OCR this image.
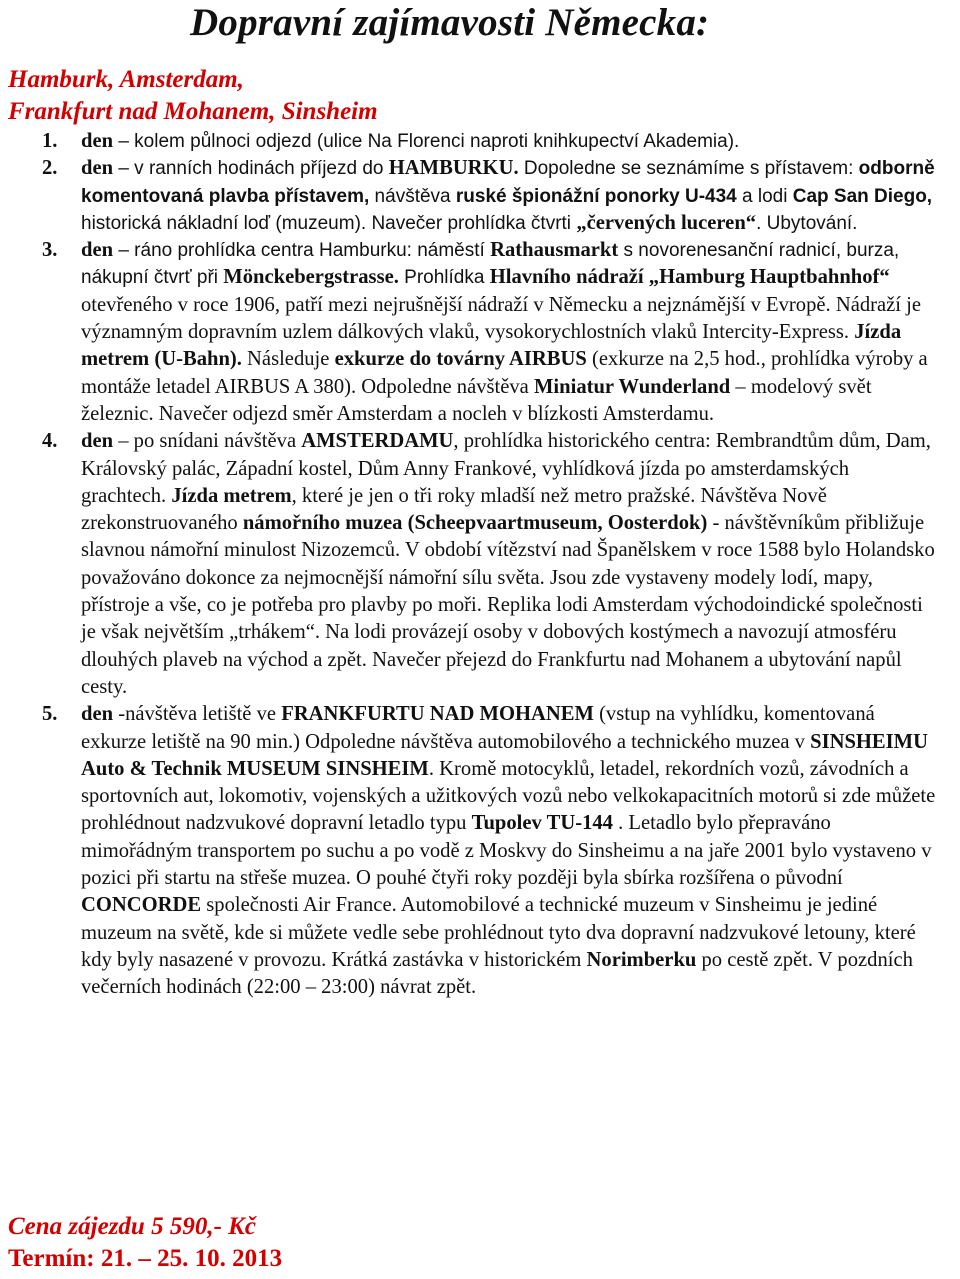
Dopravní zajímavosti Německa:
Hamburk, Amsterdam,
Frankfurt nad Mohanem, Sinsheim
1. den – kolem půlnoci odjezd (ulice Na Florenci naproti knihkupectví Akademia).
2. den – v ranních hodinách příjezd do HAMBURKU. Dopoledne se seznámíme s přístavem: odborně komentovaná plavba přístavem, návštěva ruské špionážní ponorky U-434 a lodi Cap San Diego, historická nákladní loď (muzeum). Navečer prohlídka čtvrti „červených luceren“. Ubytování.
3. den – ráno prohlídka centra Hamburku: náměstí Rathausmarkt s novorenesanční radnicí, burza, nákupní čtvrť při Mönckebergstrasse. Prohlídka Hlavního nádraží „Hamburg Hauptbahnhof“ otevřeného v roce 1906, patří mezi nejrušnější nádraží v Německu a nejznámější v Evropě. Nádraží je významným dopravním uzlem dálkových vlaků, vysokorychlostních vlaků Intercity-Express. Jízda metrem (U-Bahn). Následuje exkurze do továrny AIRBUS (exkurze na 2,5 hod., prohlídka výroby a montáže letadel AIRBUS A 380). Odpoledne návštěva Miniatur Wunderland – modelový svět železnic. Navečer odjezd směr Amsterdam a nocleh v blízkosti Amsterdamu.
4. den – po snídani návštěva AMSTERDAMU, prohlídka historického centra: Rembrandtům dům, Dam, Královský palác, Západní kostel, Dům Anny Frankové, vyhlídková jízda po amsterdamských grachtech. Jízda metrem, které je jen o tři roky mladší než metro pražské. Návštěva Nově zrekonstruovaného námořního muzea (Scheepvaartmuseum, Oosterdok) - návštěvníkům přibližuje slavnou námořní minulost Nizozemců. V období vítězství nad Španělskem v roce 1588 bylo Holandsko považováno dokonce za nejmocnější námořní sílu světa. Jsou zde vystaveny modely lodí, mapy, přístroje a vše, co je potřeba pro plavby po moři. Replika lodi Amsterdam východoindické společnosti je však největším „trhákem“. Na lodi provázejí osoby v dobových kostýmech a navozují atmosféru dlouhých plaveb na východ a zpět. Navečer přejezd do Frankfurtu nad Mohanem a ubytování napůl cesty.
5. den -návštěva letiště ve FRANKFURTU NAD MOHANEM (vstup na vyhlídku, komentovaná exkurze letiště na 90 min.) Odpoledne návštěva automobilového a technického muzea v SINSHEIMU Auto & Technik MUSEUM SINSHEIM. Kromě motocyklů, letadel, rekordních vozů, závodních a sportovních aut, lokomotiv, vojenských a užitkových vozů nebo velkokapacitních motorů si zde můžete prohlédnout nadzvukové dopravní letadlo typu Tupolev TU-144 . Letadlo bylo přepraváno mimořádným transportem po suchu a po vodě z Moskvy do Sinsheimu a na jaře 2001 bylo vystaveno v pozici při startu na střeše muzea. O pouhé čtyři roky později byla sbírka rozšířena o původní CONCORDE společnosti Air France. Automobilové a technické muzeum v Sinsheimu je jediné muzeum na světě, kde si můžete vedle sebe prohlédnout tyto dva dopravní nadzvukové letouny, které kdy byly nasazené v provozu. Krátká zastávka v historickém Norimberku po cestě zpět. V pozdních večerních hodinách (22:00 – 23:00) návrat zpět.
Cena zájezdu 5 590,- Kč
Termín: 21. – 25. 10. 2013
